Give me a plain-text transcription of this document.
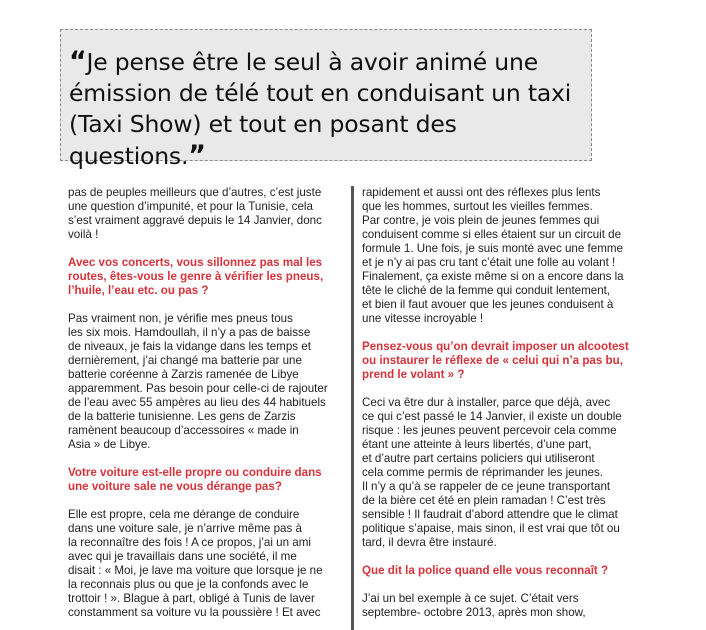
“Je pense être le seul à avoir animé une
émission de télé tout en conduisant un taxi
(Taxi Show) et tout en posant des questions.”

pas de peuples meilleurs que d’autres, c’est juste
une question d’impunité, et pour la Tunisie, cela
s’est vraiment aggravé depuis le 14 Janvier, donc
voilà !

Avec vos concerts, vous sillonnez pas mal les
routes, êtes-vous le genre à vérifier les pneus,
l’huile, l’eau etc. ou pas ?

Pas vraiment non, je vérifie mes pneus tous
les six mois. Hamdoullah, il n’y a pas de baisse
de niveaux, je fais la vidange dans les temps et
dernièrement, j’ai changé ma batterie par une
batterie coréenne à Zarzis ramenée de Libye
apparemment. Pas besoin pour celle-ci de rajouter
de l’eau avec 55 ampères au lieu des 44 habituels
de la batterie tunisienne. Les gens de Zarzis
ramènent beaucoup d’accessoires « made in
Asia » de Libye.

Votre voiture est-elle propre ou conduire dans
une voiture sale ne vous dérange pas?

Elle est propre, cela me dérange de conduire
dans une voiture sale, je n’arrive même pas à
la reconnaître des fois ! A ce propos, j’ai un ami
avec qui je travaillais dans une société, il me
disait : « Moi, je lave ma voiture que lorsque je ne
la reconnais plus ou que je la confonds avec le
trottoir ! ». Blague à part, obligé à Tunis de laver
constamment sa voiture vu la poussière ! Et avec

rapidement et aussi ont des réflexes plus lents
que les hommes, surtout les vieilles femmes.
Par contre, je vois plein de jeunes femmes qui
conduisent comme si elles étaient sur un circuit de
formule 1. Une fois, je suis monté avec une femme
et je n’y ai pas cru tant c’était une folle au volant !
Finalement, ça existe même si on a encore dans la
tête le cliché de la femme qui conduit lentement,
et bien il faut avouer que les jeunes conduisent à
une vitesse incroyable !

Pensez-vous qu’on devrait imposer un alcootest
ou instaurer le réflexe de « celui qui n’a pas bu,
prend le volant » ?

Ceci va être dur à installer, parce que déjà, avec
ce qui c’est passé le 14 Janvier, il existe un double
risque : les jeunes peuvent percevoir cela comme
étant une atteinte à leurs libertés, d’une part,
et d’autre part certains policiers qui utiliseront
cela comme permis de réprimander les jeunes.
Il n’y a qu’à se rappeler de ce jeune transportant
de la bière cet été en plein ramadan ! C’est très
sensible ! Il faudrait d’abord attendre que le climat
politique s’apaise, mais sinon, il est vrai que tôt ou
tard, il devra être instauré.

Que dit la police quand elle vous reconnaît ?

J’ai un bel exemple à ce sujet. C’était vers
septembre- octobre 2013, après mon show,
